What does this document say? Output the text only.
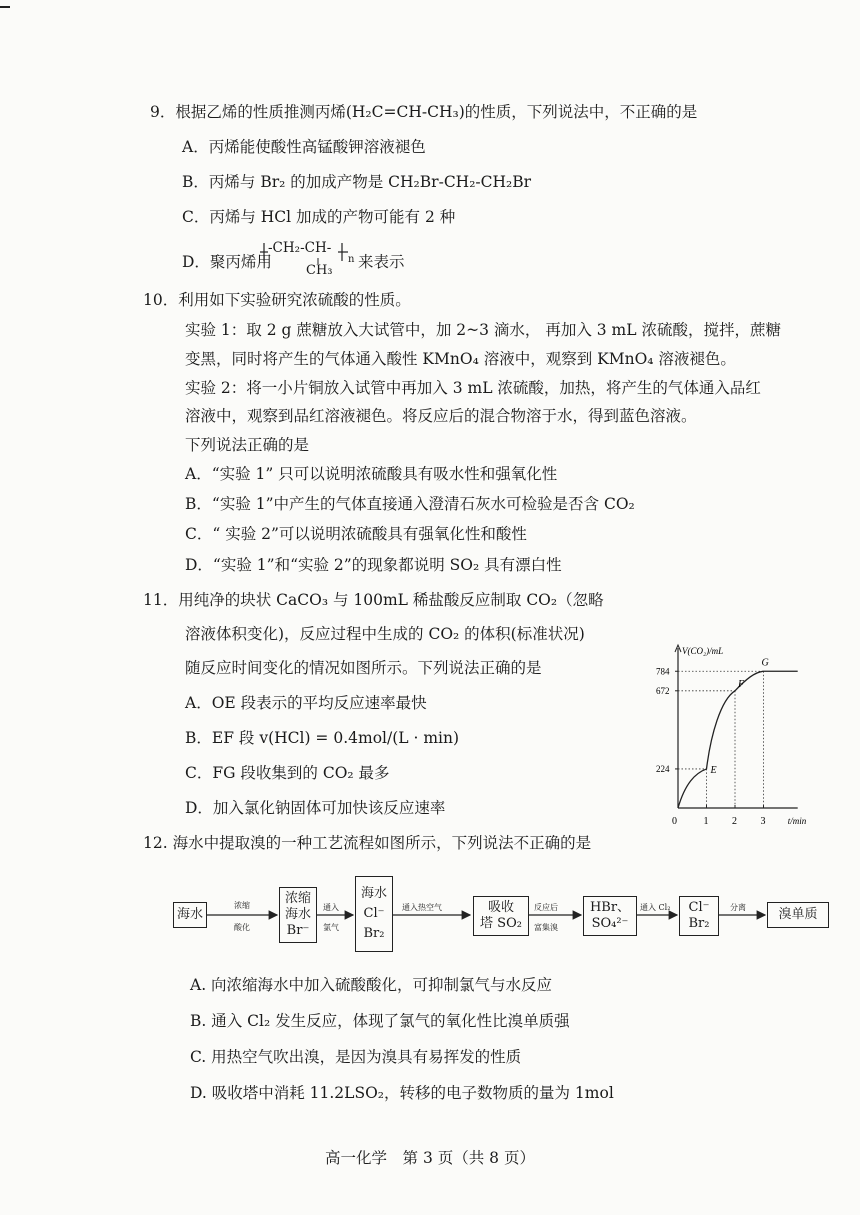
9．根据乙烯的性质推测丙烯(H₂C=CH-CH₃)的性质，下列说法中，不正确的是
A．丙烯能使酸性高锰酸钾溶液褪色
B．丙烯与 Br₂ 的加成产物是 CH₂Br-CH₂-CH₂Br
C．丙烯与 HCl 加成的产物可能有 2 种
D．聚丙烯用
-CH₂-CH-
n
CH₃ 来表示
10．利用如下实验研究浓硫酸的性质。
实验 1：取 2 g 蔗糖放入大试管中，加 2~3 滴水， 再加入 3 mL 浓硫酸，搅拌，蔗糖
变黑，同时将产生的气体通入酸性 KMnO₄ 溶液中，观察到 KMnO₄ 溶液褪色。
实验 2：将一小片铜放入试管中再加入 3 mL 浓硫酸，加热，将产生的气体通入品红
溶液中，观察到品红溶液褪色。将反应后的混合物溶于水，得到蓝色溶液。
下列说法正确的是
A．“实验 1” 只可以说明浓硫酸具有吸水性和强氧化性
B．“实验 1”中产生的气体直接通入澄清石灰水可检验是否含 CO₂
C．“ 实验 2”可以说明浓硫酸具有强氧化性和酸性
D．“实验 1”和“实验 2”的现象都说明 SO₂ 具有漂白性
11．用纯净的块状 CaCO₃ 与 100mL 稀盐酸反应制取 CO₂（忽略
溶液体积变化)，反应过程中生成的 CO₂ 的体积(标准状况)
随反应时间变化的情况如图所示。下列说法正确的是
A．OE 段表示的平均反应速率最快
B．EF 段 v(HCl) = 0.4mol/(L · min)
C．FG 段收集到的 CO₂ 最多
D．加入氯化钠固体可加快该反应速率
V(CO₂)/mL
t/min
0	1 2 3
224
672
784
E
F
G
12. 海水中提取溴的一种工艺流程如图所示，下列说法不正确的是
海水
浓缩
酸化
浓缩
海水
Br⁻
通入
氯气
海水
Cl⁻
Br₂
通入热空气	吸收
塔 SO₂
反应后
富集溴
HBr、
SO₄²⁻
通入 Cl₂ Cl⁻
Br₂
分离 溴单质
A. 向浓缩海水中加入硫酸酸化，可抑制氯气与水反应
B. 通入 Cl₂ 发生反应，体现了氯气的氧化性比溴单质强
C. 用热空气吹出溴，是因为溴具有易挥发的性质
D. 吸收塔中消耗 11.2LSO₂，转移的电子数物质的量为 1mol
高一化学　第 3 页（共 8 页）
